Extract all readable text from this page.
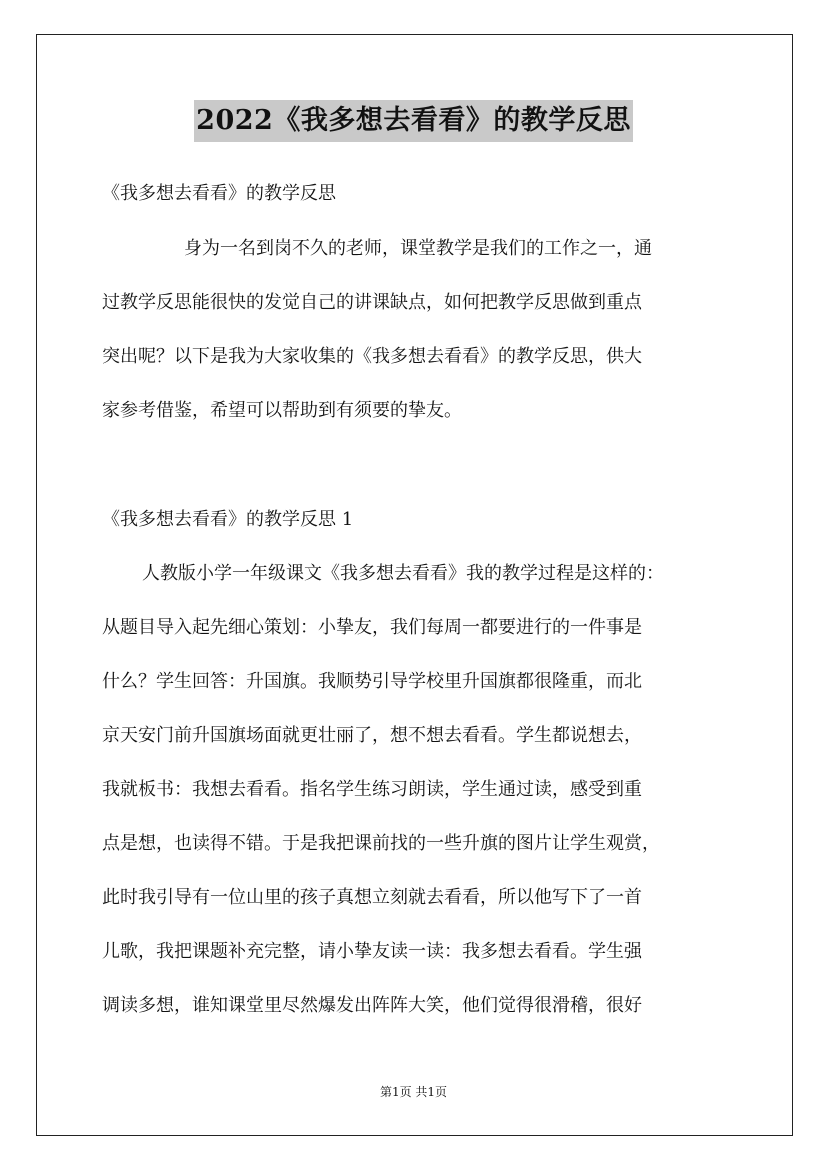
2022《我多想去看看》的教学反思
《我多想去看看》的教学反思
身为一名到岗不久的老师，课堂教学是我们的工作之一，通
过教学反思能很快的发觉自己的讲课缺点，如何把教学反思做到重点
突出呢？以下是我为大家收集的《我多想去看看》的教学反思，供大
家参考借鉴，希望可以帮助到有须要的挚友。
《我多想去看看》的教学反思 1
人教版小学一年级课文《我多想去看看》我的教学过程是这样的：
从题目导入起先细心策划：小挚友，我们每周一都要进行的一件事是
什么？学生回答：升国旗。我顺势引导学校里升国旗都很隆重，而北
京天安门前升国旗场面就更壮丽了，想不想去看看。学生都说想去，
我就板书：我想去看看。指名学生练习朗读，学生通过读，感受到重
点是想，也读得不错。于是我把课前找的一些升旗的图片让学生观赏，
此时我引导有一位山里的孩子真想立刻就去看看，所以他写下了一首
儿歌，我把课题补充完整，请小挚友读一读：我多想去看看。学生强
调读多想，谁知课堂里尽然爆发出阵阵大笑，他们觉得很滑稽，很好
第1页 共1页
